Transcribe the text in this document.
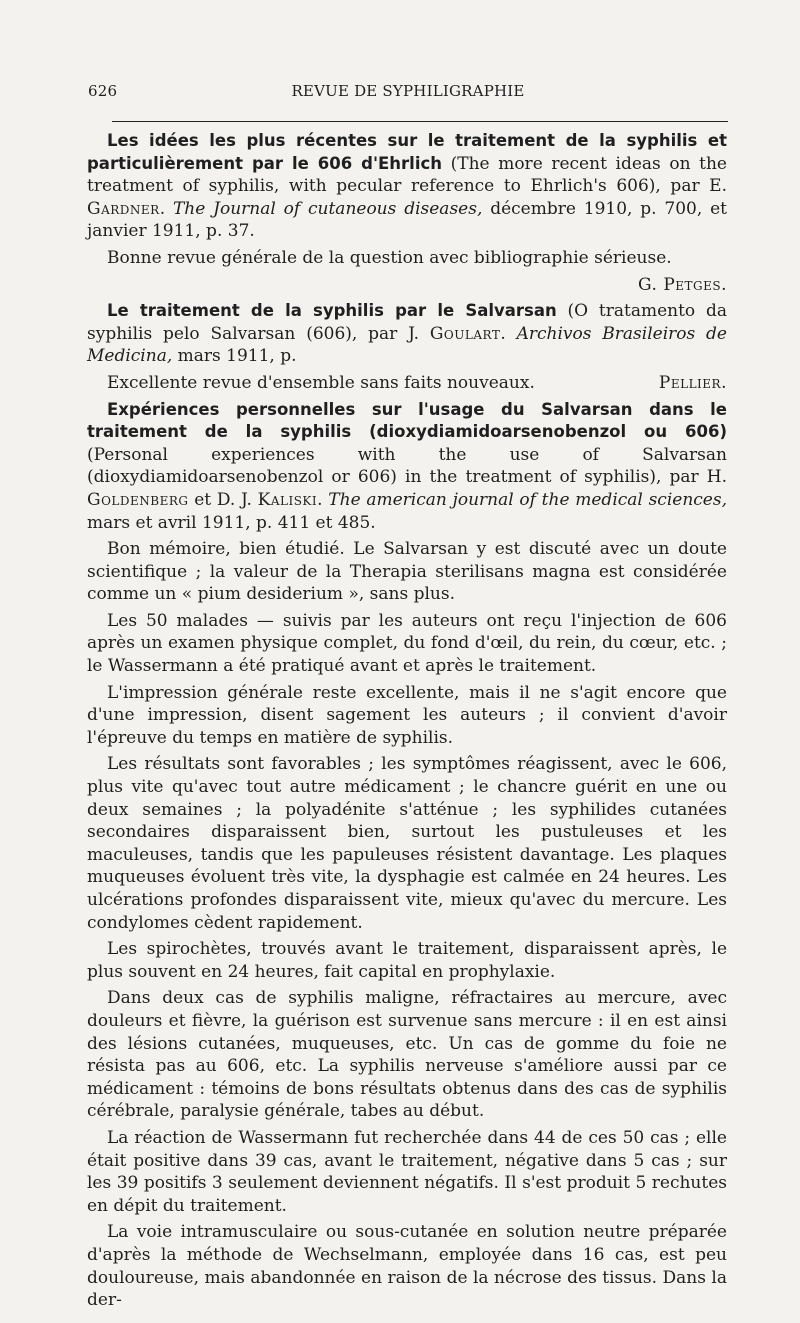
626	REVUE DE SYPHILIGRAPHIE

Les idées les plus récentes sur le traitement de la syphilis et particulièrement par le 606 d'Ehrlich (The more recent ideas on the treatment of syphilis, with pecular reference to Ehrlich's 606), par E. Gardner. The Journal of cutaneous diseases, décembre 1910, p. 700, et janvier 1911, p. 37.

Bonne revue générale de la question avec bibliographie sérieuse.

G. Petges.

Le traitement de la syphilis par le Salvarsan (O tratamento da syphilis pelo Salvarsan (606), par J. Goulart. Archivos Brasileiros de Medicina, mars 1911, p.

Excellente revue d'ensemble sans faits nouveaux.	Pellier.

Expériences personnelles sur l'usage du Salvarsan dans le traitement de la syphilis (dioxydiamidoarsenobenzol ou 606) (Personal experiences with the use of Salvarsan (dioxydiamidoarsenobenzol or 606) in the treatment of syphilis), par H. Goldenberg et D. J. Kaliski. The american journal of the medical sciences, mars et avril 1911, p. 411 et 485.

Bon mémoire, bien étudié. Le Salvarsan y est discuté avec un doute scientifique ; la valeur de la Therapia sterilisans magna est considérée comme un « pium desiderium », sans plus.

Les 50 malades — suivis par les auteurs ont reçu l'injection de 606 après un examen physique complet, du fond d'œil, du rein, du cœur, etc. ; le Wassermann a été pratiqué avant et après le traitement.

L'impression générale reste excellente, mais il ne s'agit encore que d'une impression, disent sagement les auteurs ; il convient d'avoir l'épreuve du temps en matière de syphilis.

Les résultats sont favorables ; les symptômes réagissent, avec le 606, plus vite qu'avec tout autre médicament ; le chancre guérit en une ou deux semaines ; la polyadénite s'atténue ; les syphilides cutanées secondaires disparaissent bien, surtout les pustuleuses et les maculeuses, tandis que les papuleuses résistent davantage. Les plaques muqueuses évoluent très vite, la dysphagie est calmée en 24 heures. Les ulcérations profondes disparaissent vite, mieux qu'avec du mercure. Les condylomes cèdent rapidement.

Les spirochètes, trouvés avant le traitement, disparaissent après, le plus souvent en 24 heures, fait capital en prophylaxie.

Dans deux cas de syphilis maligne, réfractaires au mercure, avec douleurs et fièvre, la guérison est survenue sans mercure : il en est ainsi des lésions cutanées, muqueuses, etc. Un cas de gomme du foie ne résista pas au 606, etc. La syphilis nerveuse s'améliore aussi par ce médicament : témoins de bons résultats obtenus dans des cas de syphilis cérébrale, paralysie générale, tabes au début.

La réaction de Wassermann fut recherchée dans 44 de ces 50 cas ; elle était positive dans 39 cas, avant le traitement, négative dans 5 cas ; sur les 39 positifs 3 seulement deviennent négatifs. Il s'est produit 5 rechutes en dépit du traitement.

La voie intramusculaire ou sous-cutanée en solution neutre préparée d'après la méthode de Wechselmann, employée dans 16 cas, est peu douloureuse, mais abandonnée en raison de la nécrose des tissus. Dans la der-
